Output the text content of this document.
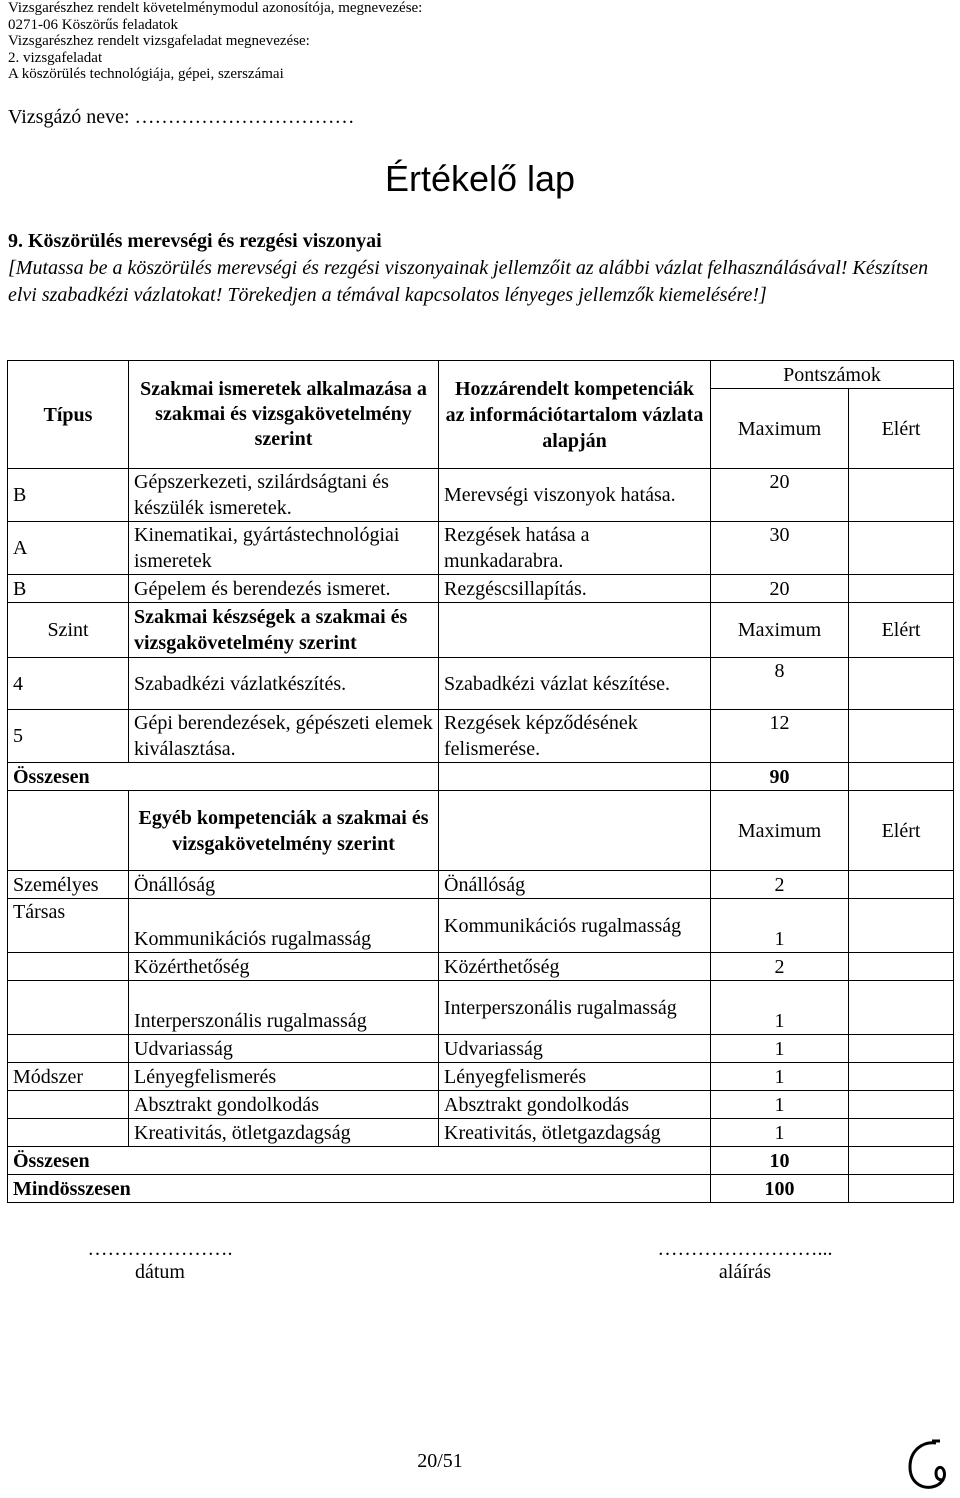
Vizsgarészhez rendelt követelménymodul azonosítója, megnevezése:
0271-06 Köszörűs feladatok
Vizsgarészhez rendelt vizsgafeladat megnevezése:
2. vizsgafeladat
A köszörülés technológiája, gépei, szerszámai
Vizsgázó neve: ……………………………
Értékelő lap
9. Köszörülés merevségi és rezgési viszonyai
[Mutassa be a köszörülés merevségi és rezgési viszonyainak jellemzőit az alábbi vázlat felhasználásával! Készítsen elvi szabadkézi vázlatokat! Törekedjen a témával kapcsolatos lényeges jellemzők kiemelésére!]
Típus	Szakmai ismeretek alkalmazása a szakmai és vizsgakövetelmény szerint	Hozzárendelt kompetenciák az információtartalom vázlata alapján	Pontszámok	
			Maximum	Elért
B	Gépszerkezeti, szilárdságtani és készülék ismeretek.	Merevségi viszonyok hatása.	20	
A	Kinematikai, gyártástechnológiai ismeretek	Rezgések hatása a munkadarabra.	30	
B	Gépelem és berendezés ismeret.	Rezgéscsillapítás.	20	
Szint	Szakmai készségek a szakmai és vizsgakövetelmény szerint		Maximum	Elért
4	Szabadkézi vázlatkészítés.	Szabadkézi vázlat készítése.	8	
5	Gépi berendezések, gépészeti elemek kiválasztása.	Rezgések képződésének felismerése.	12	
Összesen			90	
	Egyéb kompetenciák a szakmai és vizsgakövetelmény szerint		Maximum	Elért
Személyes	Önállóság	Önállóság	2	
Társas	Kommunikációs rugalmasság	Kommunikációs rugalmasság	1	
	Közérthetőség	Közérthetőség	2	
	Interperszonális rugalmasság	Interperszonális rugalmasság	1	
	Udvariasság	Udvariasság	1	
Módszer	Lényegfelismerés	Lényegfelismerés	1	
	Absztrakt gondolkodás	Absztrakt gondolkodás	1	
	Kreativitás, ötletgazdagság	Kreativitás, ötletgazdagság	1	
Összesen			10	
Mindösszesen			100	
………………….
dátum
……………………...
aláírás
20/51
